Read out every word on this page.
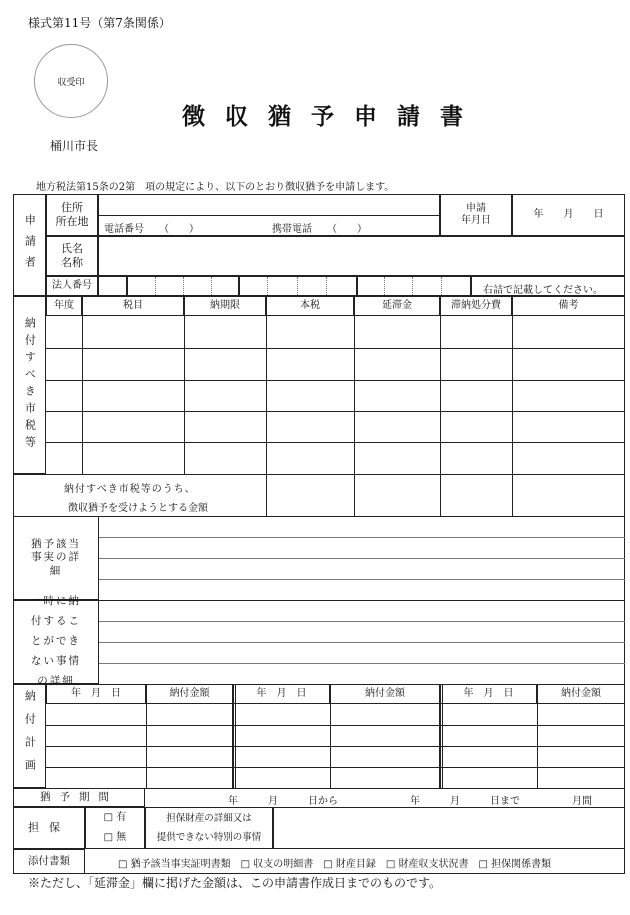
様式第11号（第7条関係）
収受印
徴収猶予申請書
桶川市長
地方税法第15条の2第　項の規定により、以下のとおり徴収猶予を申請します。
申請者
住所
所在地
電話番号　　（　　）	携帯電話　　（　　）
申請
年月日
年　　月　　日
氏名
名称
法人番号	右詰で記載してください。
納付すべき市税等
年度	税目	納期限	本税	延滞金	滞納処分費	備考
納付すべき市税等のうち、
徴収猶予を受けようとする金額
猶予該当事実の詳細
一時に納付することができない事情の詳細
納付計画	年　月　日	納付金額	年　月　日	納付金額	年　月　日	納付金額
猶予期間	年　　　月　　　日から	年　　　月　　　日まで	月間
担保
□ 有
□ 無
担保財産の詳細又は
提供できない特別の事情
添付書類	□ 猶予該当事実証明書類　□ 収支の明細書　□ 財産目録　□ 財産収支状況書　□ 担保関係書類
※ただし、「延滞金」欄に掲げた金額は、この申請書作成日までのものです。
